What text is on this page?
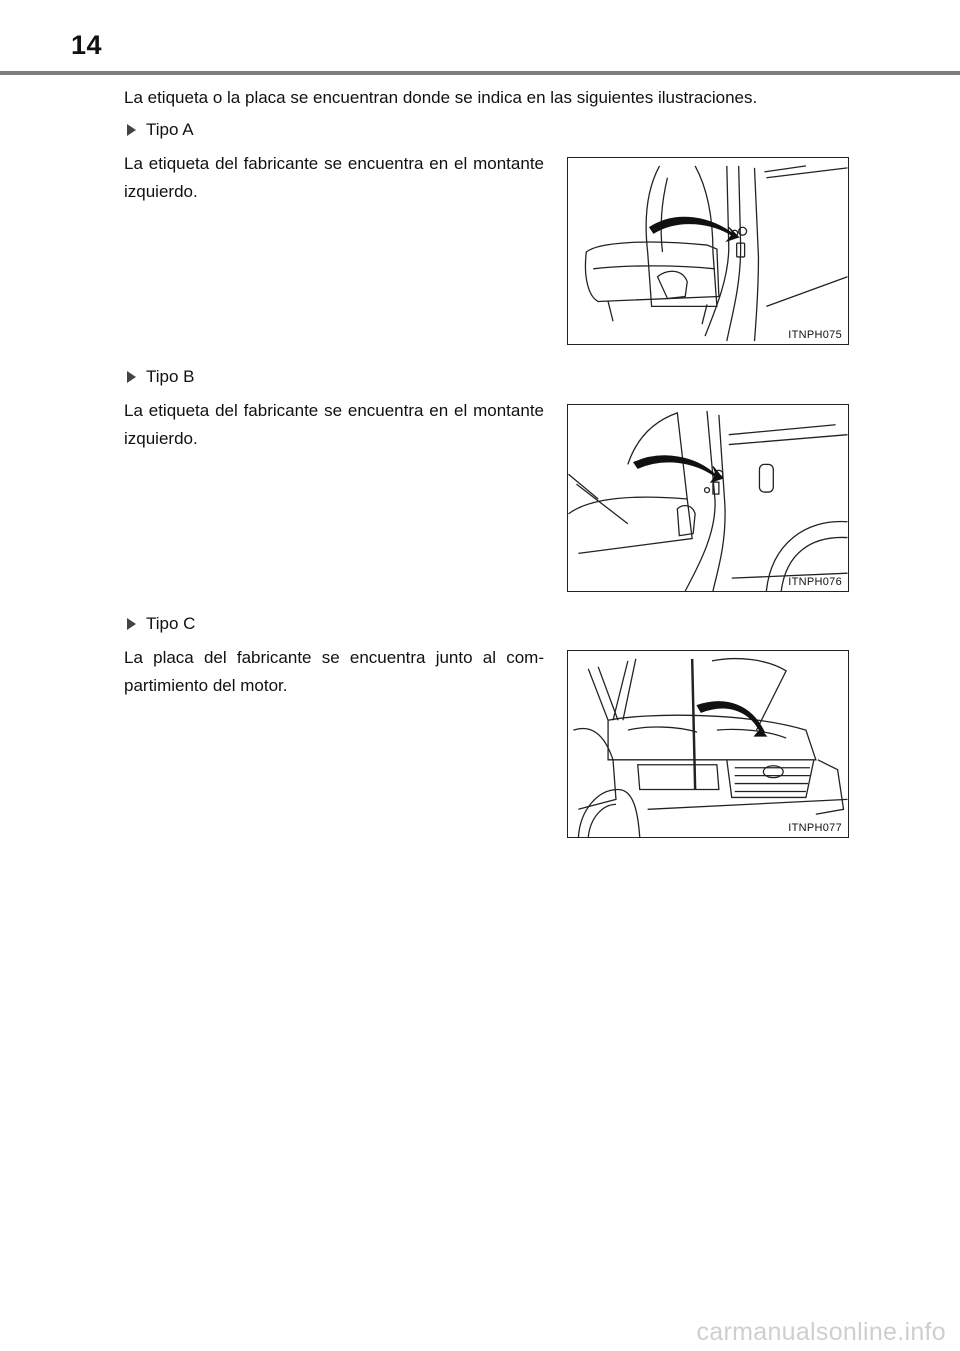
14
La etiqueta o la placa se encuentran donde se indica en las siguientes ilustraciones.
Tipo A
La etiqueta del fabricante se encuentra en el montante izquierdo.
ITNPH075
Tipo B
La etiqueta del fabricante se encuentra en el montante izquierdo.
ITNPH076
Tipo C
La placa del fabricante se encuentra junto al com-partimiento del motor.
ITNPH077
carmanualsonline.info
